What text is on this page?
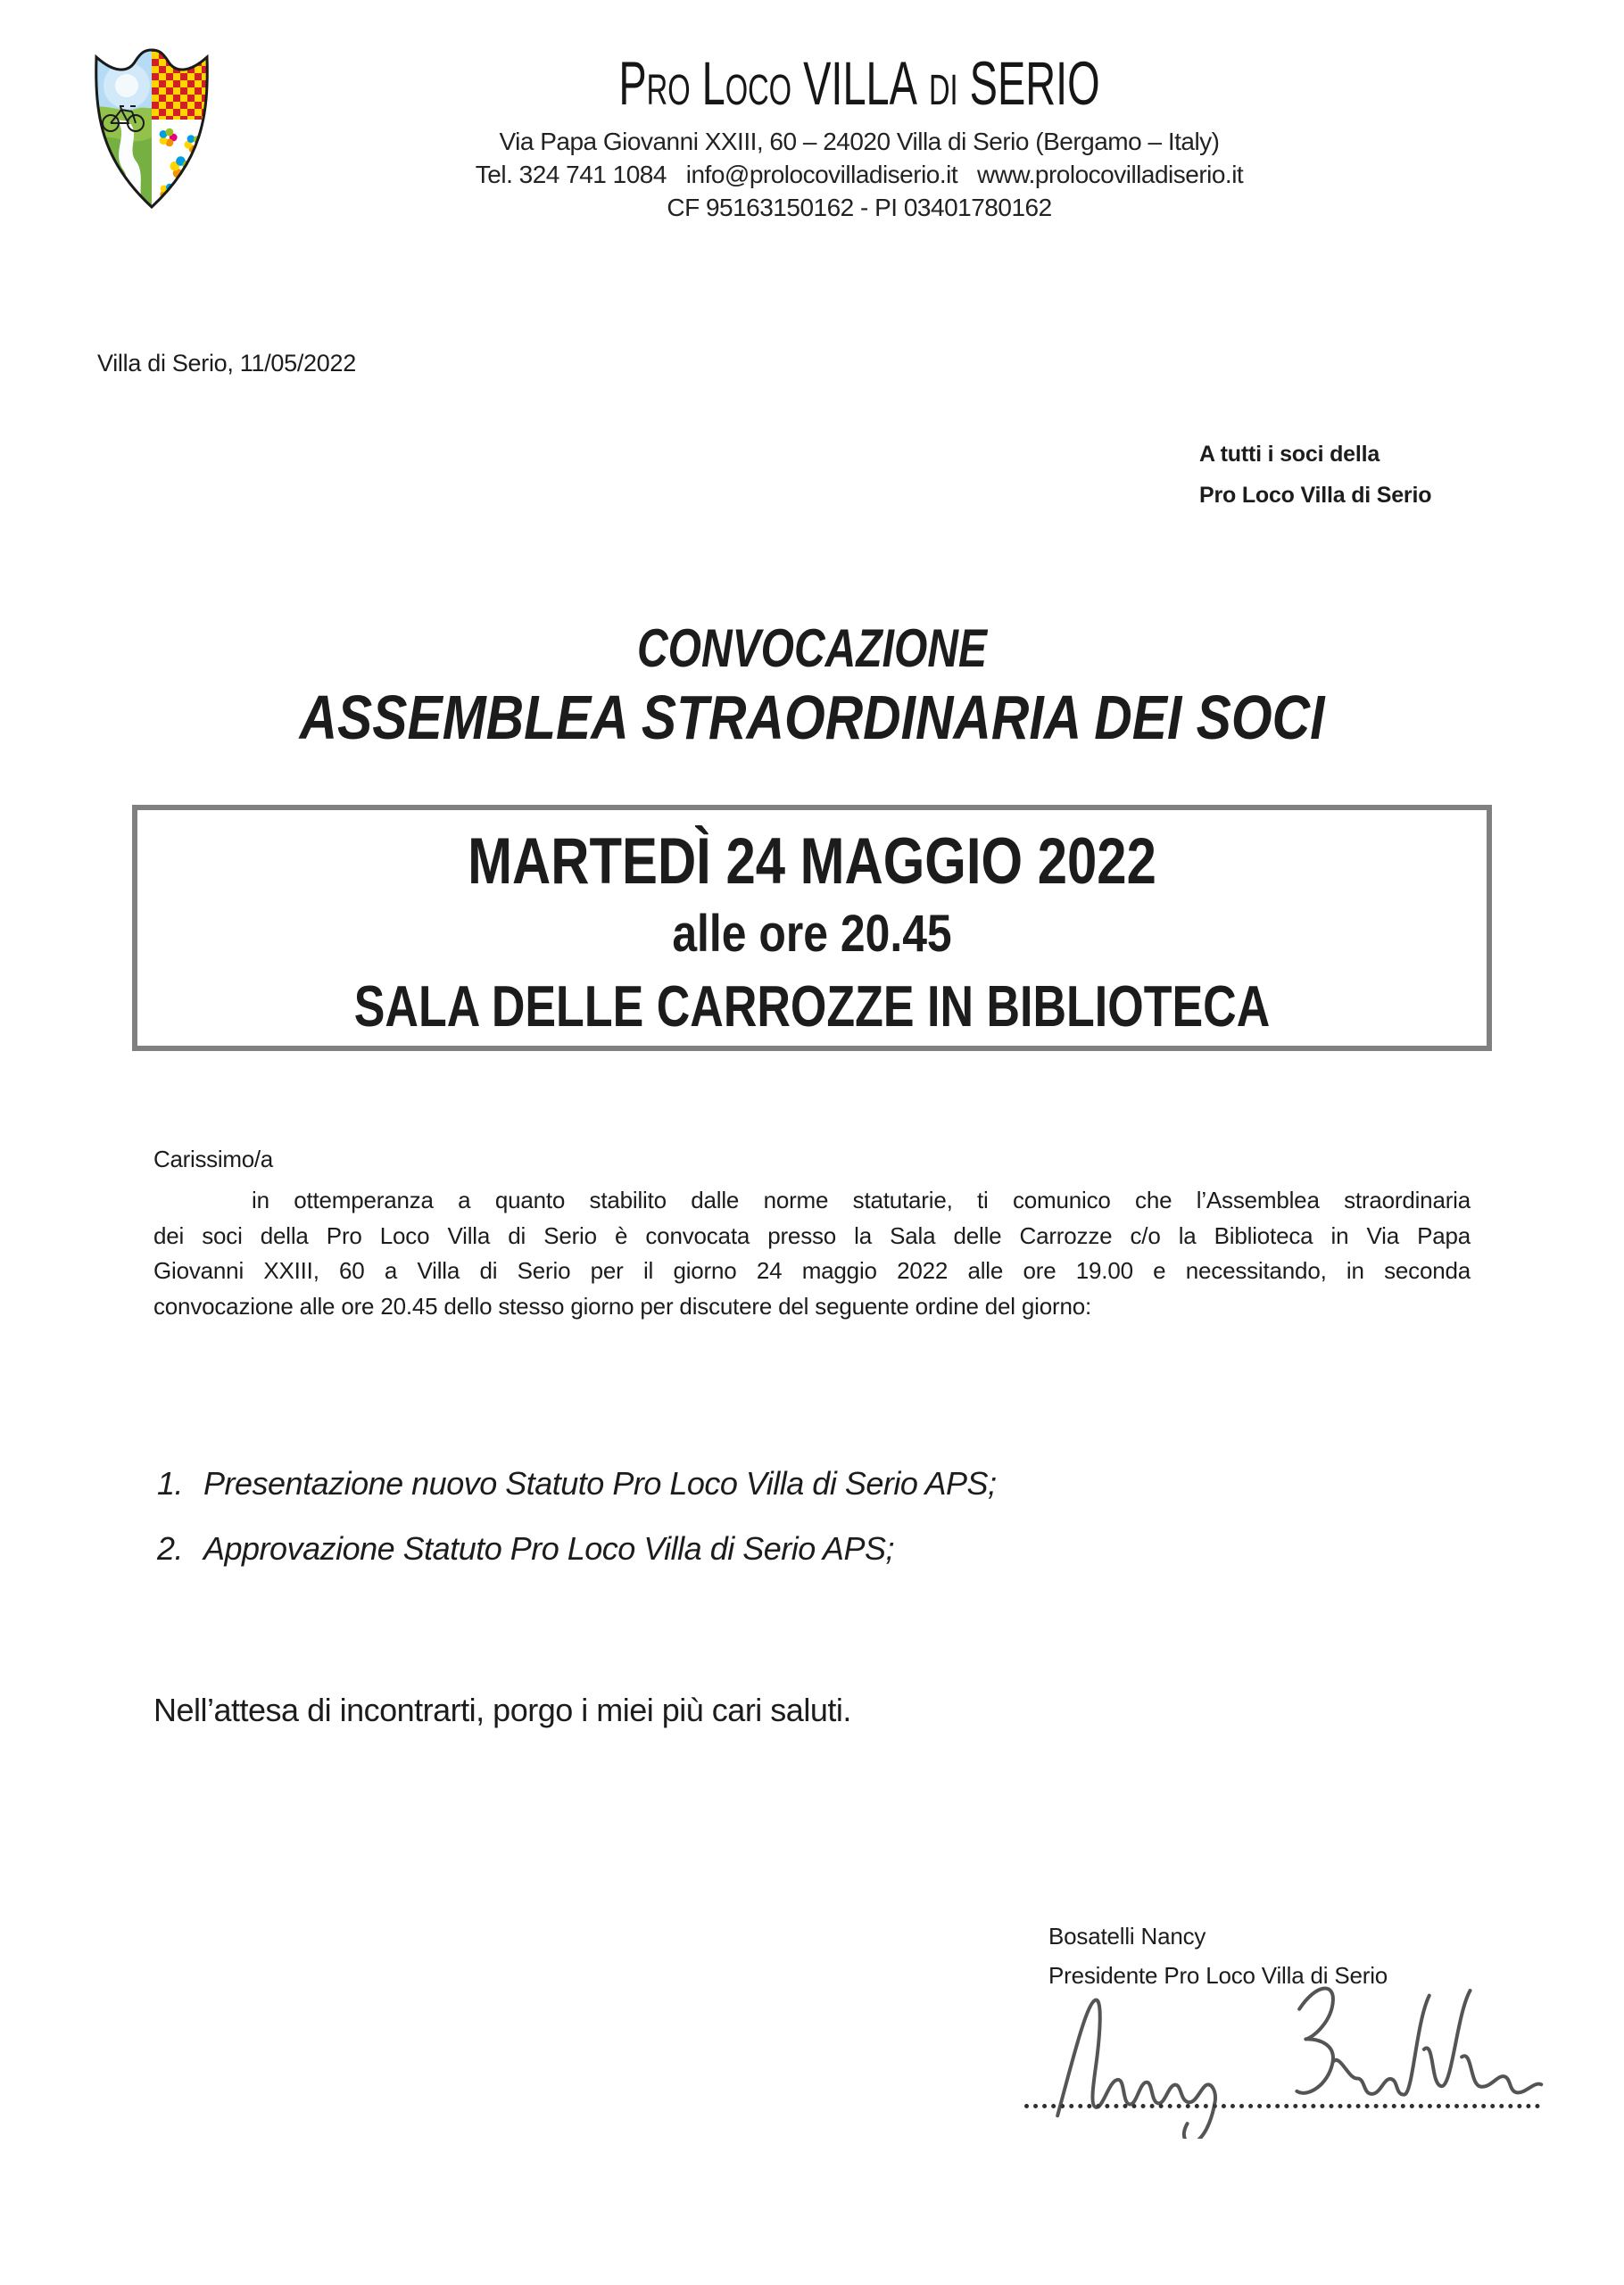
Pro Loco VILLA di SERIO
Via Papa Giovanni XXIII, 60 – 24020 Villa di Serio (Bergamo – Italy)
Tel. 324 741 1084   info@prolocovilladiserio.it   www.prolocovilladiserio.it
CF 95163150162 - PI 03401780162
Villa di Serio, 11/05/2022
A tutti i soci della
Pro Loco Villa di Serio
CONVOCAZIONE
ASSEMBLEA STRAORDINARIA DEI SOCI
MARTEDÌ 24 MAGGIO 2022
alle ore 20.45
SALA DELLE CARROZZE IN BIBLIOTECA
Carissimo/a
in ottemperanza a quanto stabilito dalle norme statutarie, ti comunico che l’Assemblea straordinaria
dei soci della Pro Loco Villa di Serio è convocata presso la Sala delle Carrozze c/o la Biblioteca in Via Papa
Giovanni XXIII, 60 a Villa di Serio per il giorno 24 maggio 2022 alle ore 19.00 e necessitando, in seconda
convocazione alle ore 20.45 dello stesso giorno per discutere del seguente ordine del giorno:
1. Presentazione nuovo Statuto Pro Loco Villa di Serio APS;
2. Approvazione Statuto Pro Loco Villa di Serio APS;
Nell’attesa di incontrarti, porgo i miei più cari saluti.
Bosatelli Nancy
Presidente Pro Loco Villa di Serio
